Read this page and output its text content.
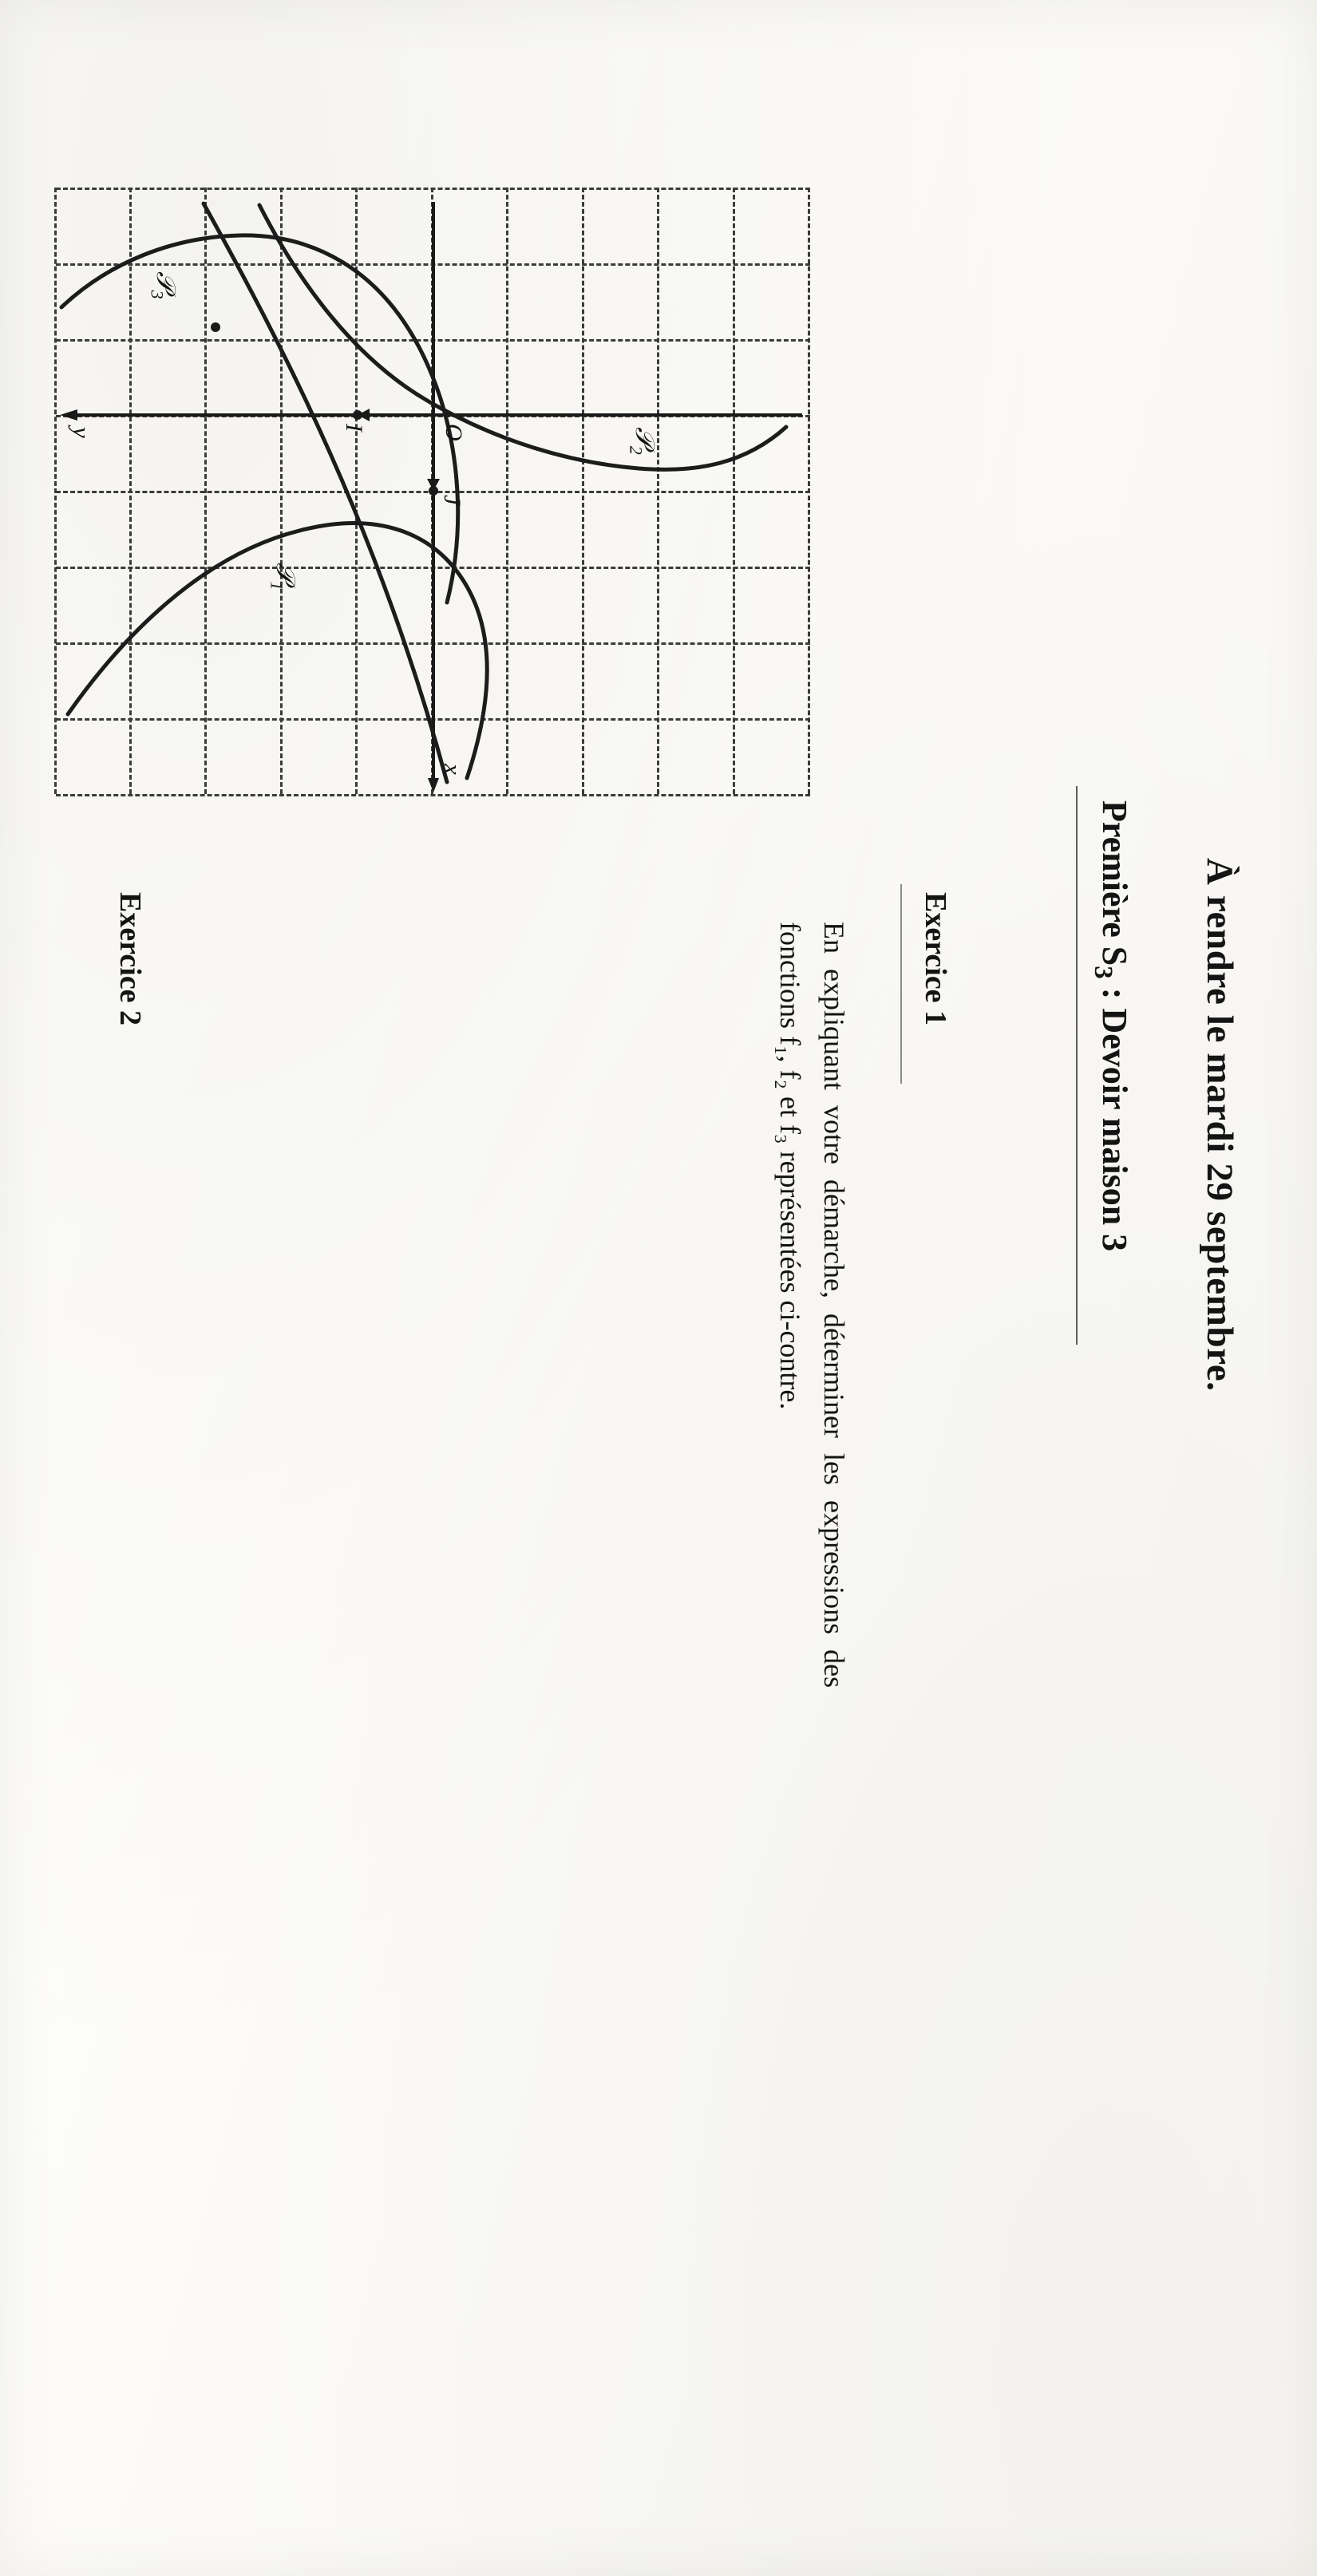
À rendre le mardi 29 septembre.
Première $S_3$ : Devoir maison 3
Exercice 1
En expliquant votre démarche, déterminer les expressions des fonctions f₁, f₂ et f₃ représentées ci-contre.
Exercice 2
x
y	O
J
I
𝒫$_1$
𝒫$_2$
𝒫$_3$
